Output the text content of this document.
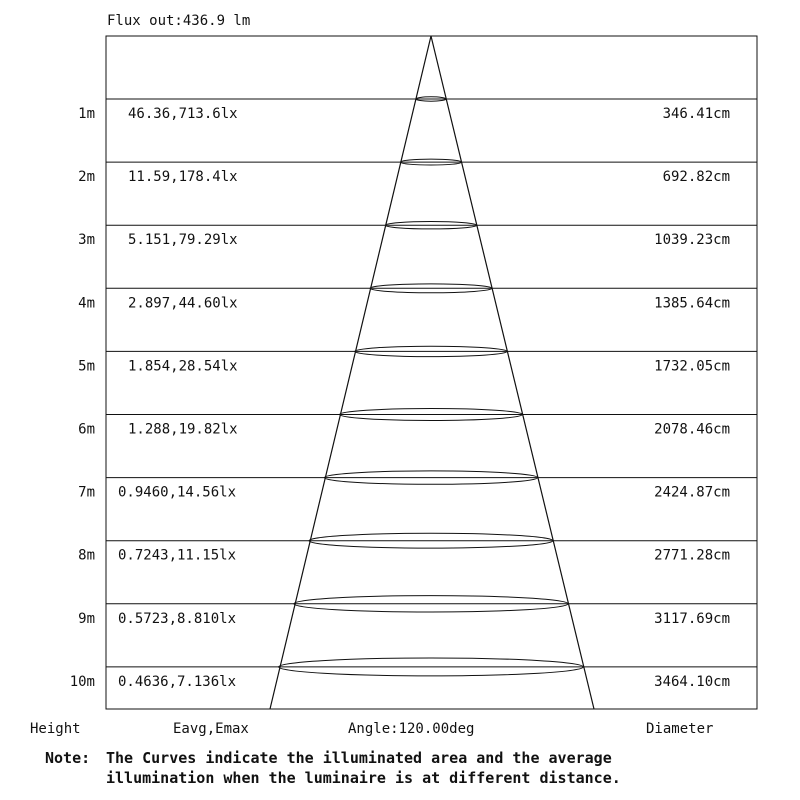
Flux out:436.9 lm
1m 46.36,713.6lx	346.41cm
2m 11.59,178.4lx	692.82cm
3m 5.151,79.29lx	1039.23cm
4m 2.897,44.60lx	1385.64cm
5m 1.854,28.54lx	1732.05cm
6m 1.288,19.82lx	2078.46cm
7m 0.9460,14.56lx	2424.87cm
8m 0.7243,11.15lx	2771.28cm
9m 0.5723,8.810lx	3117.69cm
10m 0.4636,7.136lx	3464.10cm
Height	Eavg,Emax	Angle:120.00deg	Diameter
Note: The Curves indicate the illuminated area and the average
illumination when the luminaire is at different distance.
